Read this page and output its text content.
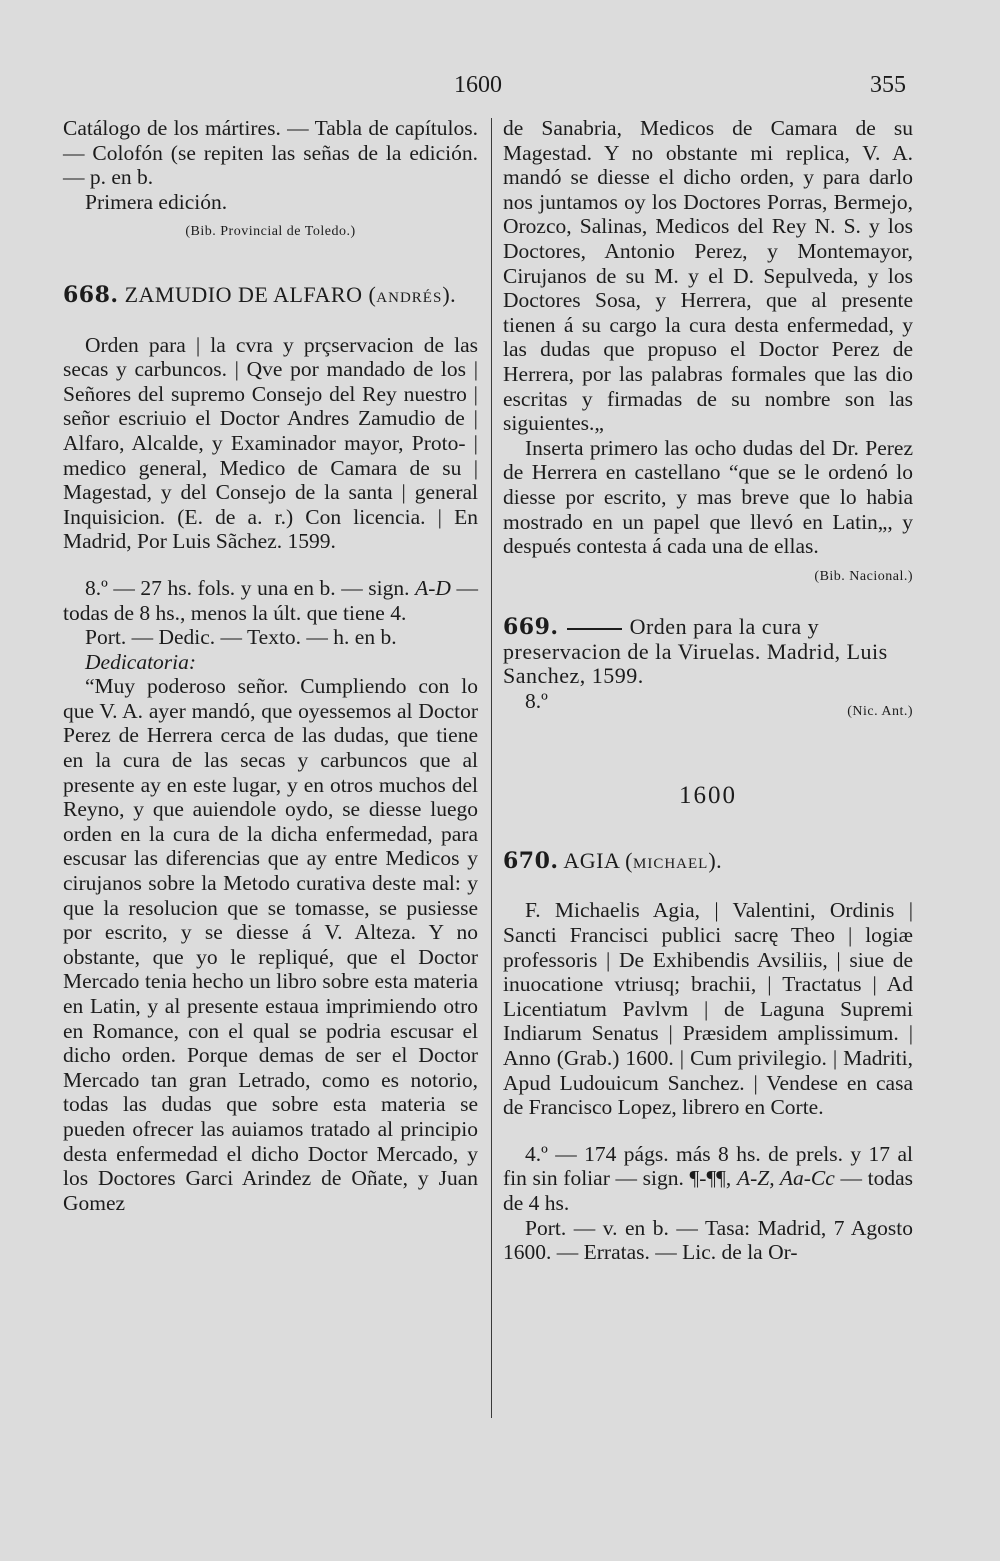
1600	355

Catálogo de los mártires. — Tabla de capítulos. — Colofón (se repiten las señas de la edición. — p. en b.

Primera edición.

(Bib. Provincial de Toledo.)
668. ZAMUDIO DE ALFARO (ANDRÉS).

Orden para | la cvra y prçservacion de las secas y carbuncos. | Qve por mandado de los | Señores del supremo Consejo del Rey nuestro | señor escriuio el Doctor Andres Zamudio de | Alfaro, Alcalde, y Examinador mayor, Proto- | medico general, Medico de Camara de su | Magestad, y del Consejo de la santa | general Inquisicion. (E. de a. r.) Con licencia. | En Madrid, Por Luis Sãchez. 1599.

8.º — 27 hs. fols. y una en b. — sign. A-D — todas de 8 hs., menos la últ. que tiene 4.

Port. — Dedic. — Texto. — h. en b.

Dedicatoria:

“Muy poderoso señor. Cumpliendo con lo que V. A. ayer mandó, que oyessemos al Doctor Perez de Herrera cerca de las dudas, que tiene en la cura de las secas y carbuncos que al presente ay en este lugar, y en otros muchos del Reyno, y que auiendole oydo, se diesse luego orden en la cura de la dicha enfermedad, para escusar las diferencias que ay entre Medicos y cirujanos sobre la Metodo curativa deste mal: y que la resolucion que se tomasse, se pusiesse por escrito, y se diesse á V. Alteza. Y no obstante, que yo le repliqué, que el Doctor Mercado tenia hecho un libro sobre esta materia en Latin, y al presente estaua imprimiendo otro en Romance, con el qual se podria escusar el dicho orden. Porque demas de ser el Doctor Mercado tan gran Letrado, como es notorio, todas las dudas que sobre esta materia se pueden ofrecer las auiamos tratado al principio desta enfermedad el dicho Doctor Mercado, y los Doctores Garci Arindez de Oñate, y Juan Gomez

de Sanabria, Medicos de Camara de su Magestad. Y no obstante mi replica, V. A. mandó se diesse el dicho orden, y para darlo nos juntamos oy los Doctores Porras, Bermejo, Orozco, Salinas, Medicos del Rey N. S. y los Doctores, Antonio Perez, y Montemayor, Cirujanos de su M. y el D. Sepulveda, y los Doctores Sosa, y Herrera, que al presente tienen á su cargo la cura desta enfermedad, y las dudas que propuso el Doctor Perez de Herrera, por las palabras formales que las dio escritas y firmadas de su nombre son las siguientes.„

Inserta primero las ocho dudas del Dr. Perez de Herrera en castellano “que se le ordenó lo diesse por escrito, y mas breve que lo habia mostrado en un papel que llevó en Latin„, y después contesta á cada una de ellas.

(Bib. Nacional.)
669.	Orden para la cura y preservacion de la Viruelas. Madrid, Luis Sanchez, 1599.

8.º	(Nic. Ant.)
1600
670. AGIA (MICHAEL).

F. Michaelis Agia, | Valentini, Ordinis | Sancti Francisci publici sacrę Theo | logiæ professoris | De Exhibendis Avsiliis, | siue de inuocatione vtriusq; brachii, | Tractatus | Ad Licentiatum Pavlvm | de Laguna Supremi Indiarum Senatus | Præsidem amplissimum. | Anno (Grab.) 1600. | Cum privilegio. | Madriti, Apud Ludouicum Sanchez. | Vendese en casa de Francisco Lopez, librero en Corte.

4.º — 174 págs. más 8 hs. de prels. y 17 al fin sin foliar — sign. ¶-¶¶, A-Z, Aa-Cc — todas de 4 hs.

Port. — v. en b. — Tasa: Madrid, 7 Agosto 1600. — Erratas. — Lic. de la Or-
